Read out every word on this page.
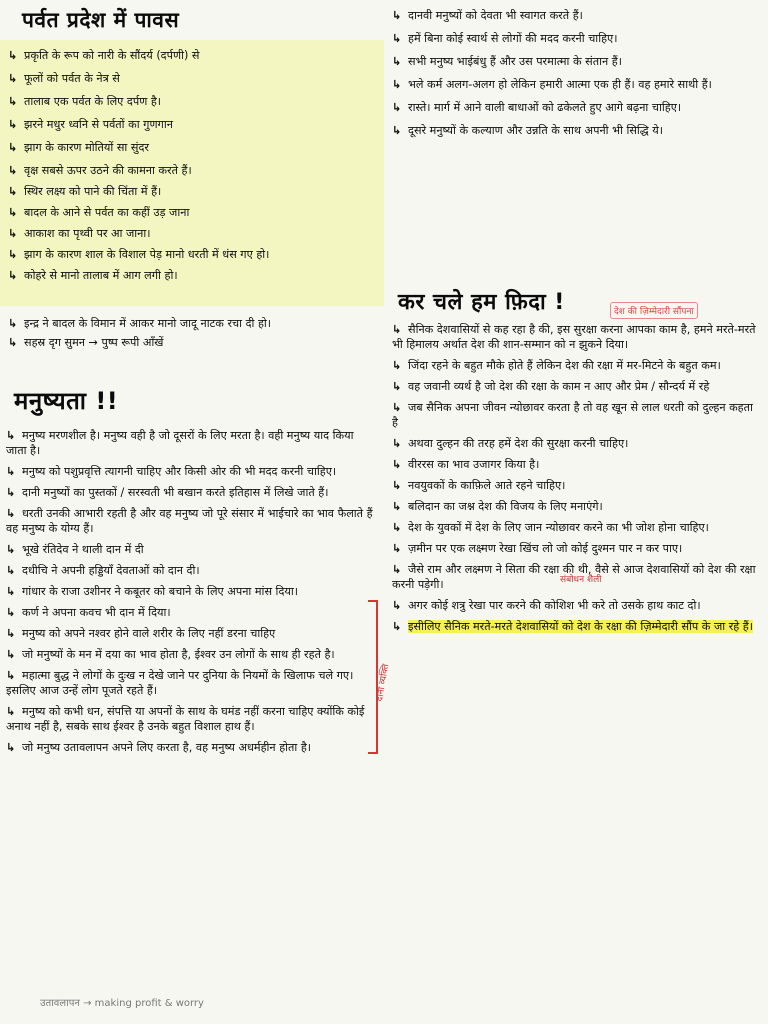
पर्वत प्रदेश में पावस
↳ प्रकृति के रूप को नारी के सौंदर्य (दर्पणी) से
↳ फूलों को पर्वत के नेत्र से
↳ तालाब एक पर्वत के लिए दर्पण है।
↳ झरने मधुर ध्वनि से पर्वतों का गुणगान
↳ झाग के कारण मोतियों सा सुंदर
↳ वृक्ष सबसे ऊपर उठने की कामना करते हैं।
↳ स्थिर लक्ष्य को पाने की चिंता में हैं।
↳ बादल के आने से पर्वत का कहीं उड़ जाना
↳ आकाश का पृथ्वी पर आ जाना।
↳ झाग के कारण शाल के विशाल पेड़ मानो धरती में धंस गए हो।
↳ कोहरे से मानो तालाब में आग लगी हो।
↳ इन्द्र ने बादल के विमान में आकर मानो जादू नाटक रचा दी हो।
↳ सहस्र दृग सुमन → पुष्प रूपी आँखें
मनुष्यता !!
↳ मनुष्य मरणशील है। मनुष्य वही है जो दूसरों के लिए मरता है। वही मनुष्य याद किया जाता है।
↳ मनुष्य को पशुप्रवृत्ति त्यागनी चाहिए और किसी ओर की भी मदद करनी चाहिए।
↳ दानी मनुष्यों का पुस्तकों / सरस्वती भी बखान करते इतिहास में लिखे जाते हैं।
↳ धरती उनकी आभारी रहती है और वह मनुष्य जो पूरे संसार में भाईचारे का भाव फैलाते हैं वह मनुष्य के योग्य हैं।
↳ भूखे रंतिदेव ने थाली दान में दी
↳ दधीचि ने अपनी हड्डियाँ देवताओं को दान दी।
↳ गांधार के राजा उशीनर ने कबूतर को बचाने के लिए अपना मांस दिया।
↳ कर्ण ने अपना कवच भी दान में दिया।
↳ मनुष्य को अपने नश्वर होने वाले शरीर के लिए नहीं डरना चाहिए
↳ जो मनुष्यों के मन में दया का भाव होता है, ईश्वर उन लोगों के साथ ही रहते है।
↳ महात्मा बुद्ध ने लोगों के दुःख न देखे जाने पर दुनिया के नियमों के खिलाफ चले गए। इसलिए आज उन्हें लोग पूजते रहते हैं।
↳ मनुष्य को कभी धन, संपत्ति या अपनों के साथ के घमंड नहीं करना चाहिए क्योंकि कोई अनाथ नहीं है, सबके साथ ईश्वर है उनके बहुत विशाल हाथ हैं।
↳ जो मनुष्य उतावलापन अपने लिए करता है, वह मनुष्य अधर्महीन होता है।
दानी व्यक्ति
उतावलापन → making profit & worry
↳ दानवी मनुष्यों को देवता भी स्वागत करते हैं।
↳ हमें बिना कोई स्वार्थ से लोगों की मदद करनी चाहिए।
↳ सभी मनुष्य भाईबंधु हैं और उस परमात्मा के संतान हैं।
↳ भले कर्म अलग-अलग हो लेकिन हमारी आत्मा एक ही हैं। वह हमारे साथी हैं।
↳ रास्ते। मार्ग में आने वाली बाधाओं को ढकेलते हुए आगे बढ़ना चाहिए।
↳ दूसरे मनुष्यों के कल्याण और उन्नति के साथ अपनी भी सिद्धि ये।
कर चले हम फ़िदा !	देश की ज़िम्मेदारी सौंपना
↳ सैनिक देशवासियों से कह रहा है की, इस सुरक्षा करना आपका काम है, हमने मरते-मरते भी हिमालय अर्थात देश की शान-सम्मान को न झुकने दिया।
↳ जिंदा रहने के बहुत मौके होते हैं लेकिन देश की रक्षा में मर-मिटने के बहुत कम।
↳ वह जवानी व्यर्थ है जो देश की रक्षा के काम न आए और प्रेम / सौन्दर्य में रहे
↳ जब सैनिक अपना जीवन न्योछावर करता है तो वह खून से लाल धरती को दुल्हन कहता है
↳ अथवा दुल्हन की तरह हमें देश की सुरक्षा करनी चाहिए।
↳ वीररस का भाव उजागर किया है।
↳ नवयुवकों के काफ़िले आते रहने चाहिए।
↳ बलिदान का जश्न देश की विजय के लिए मनाएंगे।
↳ देश के युवकों में देश के लिए जान न्योछावर करने का भी जोश होना चाहिए।
↳ ज़मीन पर एक लक्ष्मण रेखा खिंच लो जो कोई दुश्मन पार न कर पाए।
↳ जैसे राम और लक्ष्मण ने सिता की रक्षा की थी, वैसे से आज देशवासियों को देश की रक्षा करनी पड़ेगी।
↳ अगर कोई शत्रु रेखा पार करने की कोशिश भी करे तो उसके हाथ काट दो।
↳ इसीलिए सैनिक मरते-मरते देशवासियों को देश के रक्षा की ज़िम्मेदारी सौंप के जा रहे हैं।
संबोधन शैली
